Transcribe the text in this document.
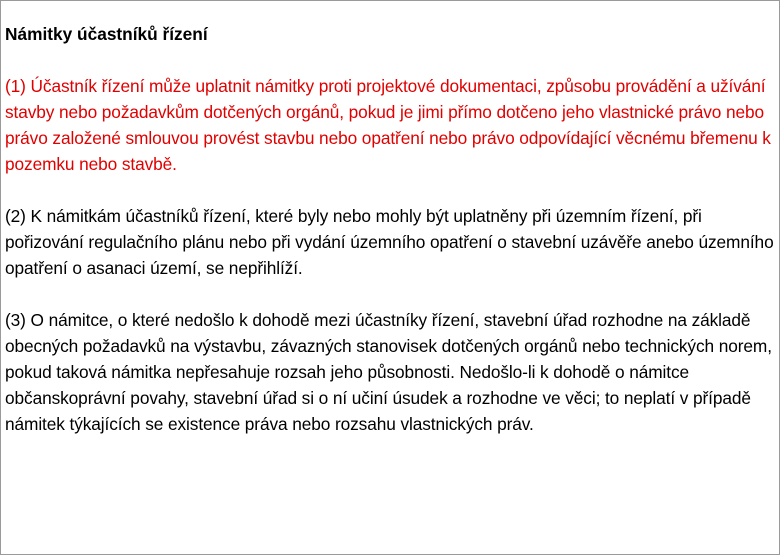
Námitky účastníků řízení
(1) Účastník řízení může uplatnit námitky proti projektové dokumentaci, způsobu provádění a užívání stavby nebo požadavkům dotčených orgánů, pokud je jimi přímo dotčeno jeho vlastnické právo nebo právo založené smlouvou provést stavbu nebo opatření nebo právo odpovídající věcnému břemenu k pozemku nebo stavbě.
(2) K námitkám účastníků řízení, které byly nebo mohly být uplatněny při územním řízení, při pořizování regulačního plánu nebo při vydání územního opatření o stavební uzávěře anebo územního opatření o asanaci území, se nepřihlíží.
(3) O námitce, o které nedošlo k dohodě mezi účastníky řízení, stavební úřad rozhodne na základě obecných požadavků na výstavbu, závazných stanovisek dotčených orgánů nebo technických norem, pokud taková námitka nepřesahuje rozsah jeho působnosti. Nedošlo-li k dohodě o námitce občanskoprávní povahy, stavební úřad si o ní učiní úsudek a rozhodne ve věci; to neplatí v případě námitek týkajících se existence práva nebo rozsahu vlastnických práv.
